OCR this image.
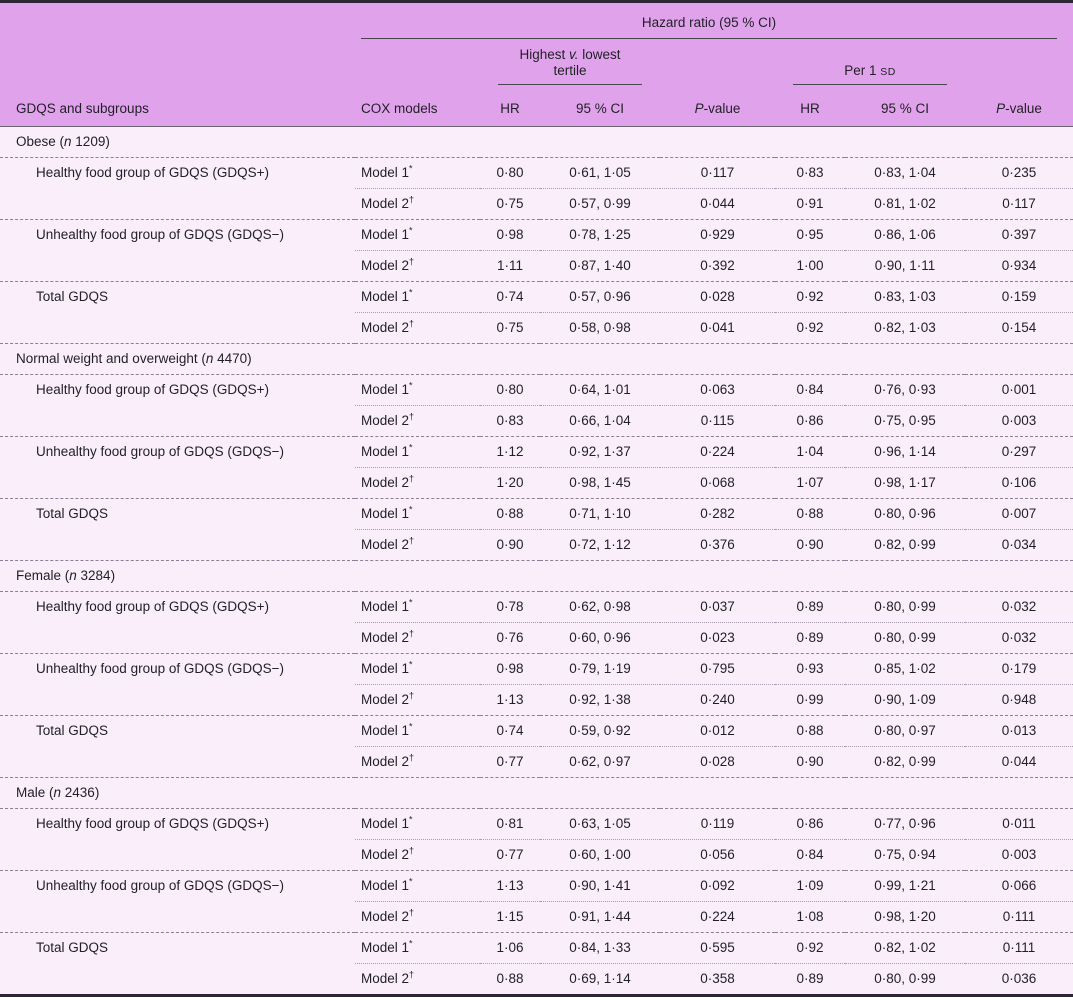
	Hazard ratio (95 % CI)						

		Highest v. lowest
tertile			Per 1 SD		

GDQS and subgroups	COX models	HR	95 % CI	P-value	HR	95 % CI	P-value
Obese (n 1209)							
Healthy food group of GDQS (GDQS+)	Model 1*	0·80	0·61, 1·05	0·117	0·83	0·83, 1·04	0·235
	Model 2†	0·75	0·57, 0·99	0·044	0·91	0·81, 1·02	0·117
Unhealthy food group of GDQS (GDQS−)	Model 1*	0·98	0·78, 1·25	0·929	0·95	0·86, 1·06	0·397
	Model 2†	1·11	0·87, 1·40	0·392	1·00	0·90, 1·11	0·934
Total GDQS	Model 1*	0·74	0·57, 0·96	0·028	0·92	0·83, 1·03	0·159
	Model 2†	0·75	0·58, 0·98	0·041	0·92	0·82, 1·03	0·154
Normal weight and overweight (n 4470)							
Healthy food group of GDQS (GDQS+)	Model 1*	0·80	0·64, 1·01	0·063	0·84	0·76, 0·93	0·001
	Model 2†	0·83	0·66, 1·04	0·115	0·86	0·75, 0·95	0·003
Unhealthy food group of GDQS (GDQS−)	Model 1*	1·12	0·92, 1·37	0·224	1·04	0·96, 1·14	0·297
	Model 2†	1·20	0·98, 1·45	0·068	1·07	0·98, 1·17	0·106
Total GDQS	Model 1*	0·88	0·71, 1·10	0·282	0·88	0·80, 0·96	0·007
	Model 2†	0·90	0·72, 1·12	0·376	0·90	0·82, 0·99	0·034
Female (n 3284)							
Healthy food group of GDQS (GDQS+)	Model 1*	0·78	0·62, 0·98	0·037	0·89	0·80, 0·99	0·032
	Model 2†	0·76	0·60, 0·96	0·023	0·89	0·80, 0·99	0·032
Unhealthy food group of GDQS (GDQS−)	Model 1*	0·98	0·79, 1·19	0·795	0·93	0·85, 1·02	0·179
	Model 2†	1·13	0·92, 1·38	0·240	0·99	0·90, 1·09	0·948
Total GDQS	Model 1*	0·74	0·59, 0·92	0·012	0·88	0·80, 0·97	0·013
	Model 2†	0·77	0·62, 0·97	0·028	0·90	0·82, 0·99	0·044
Male (n 2436)							
Healthy food group of GDQS (GDQS+)	Model 1*	0·81	0·63, 1·05	0·119	0·86	0·77, 0·96	0·011
	Model 2†	0·77	0·60, 1·00	0·056	0·84	0·75, 0·94	0·003
Unhealthy food group of GDQS (GDQS−)	Model 1*	1·13	0·90, 1·41	0·092	1·09	0·99, 1·21	0·066
	Model 2†	1·15	0·91, 1·44	0·224	1·08	0·98, 1·20	0·111
Total GDQS	Model 1*	1·06	0·84, 1·33	0·595	0·92	0·82, 1·02	0·111
	Model 2†	0·88	0·69, 1·14	0·358	0·89	0·80, 0·99	0·036
